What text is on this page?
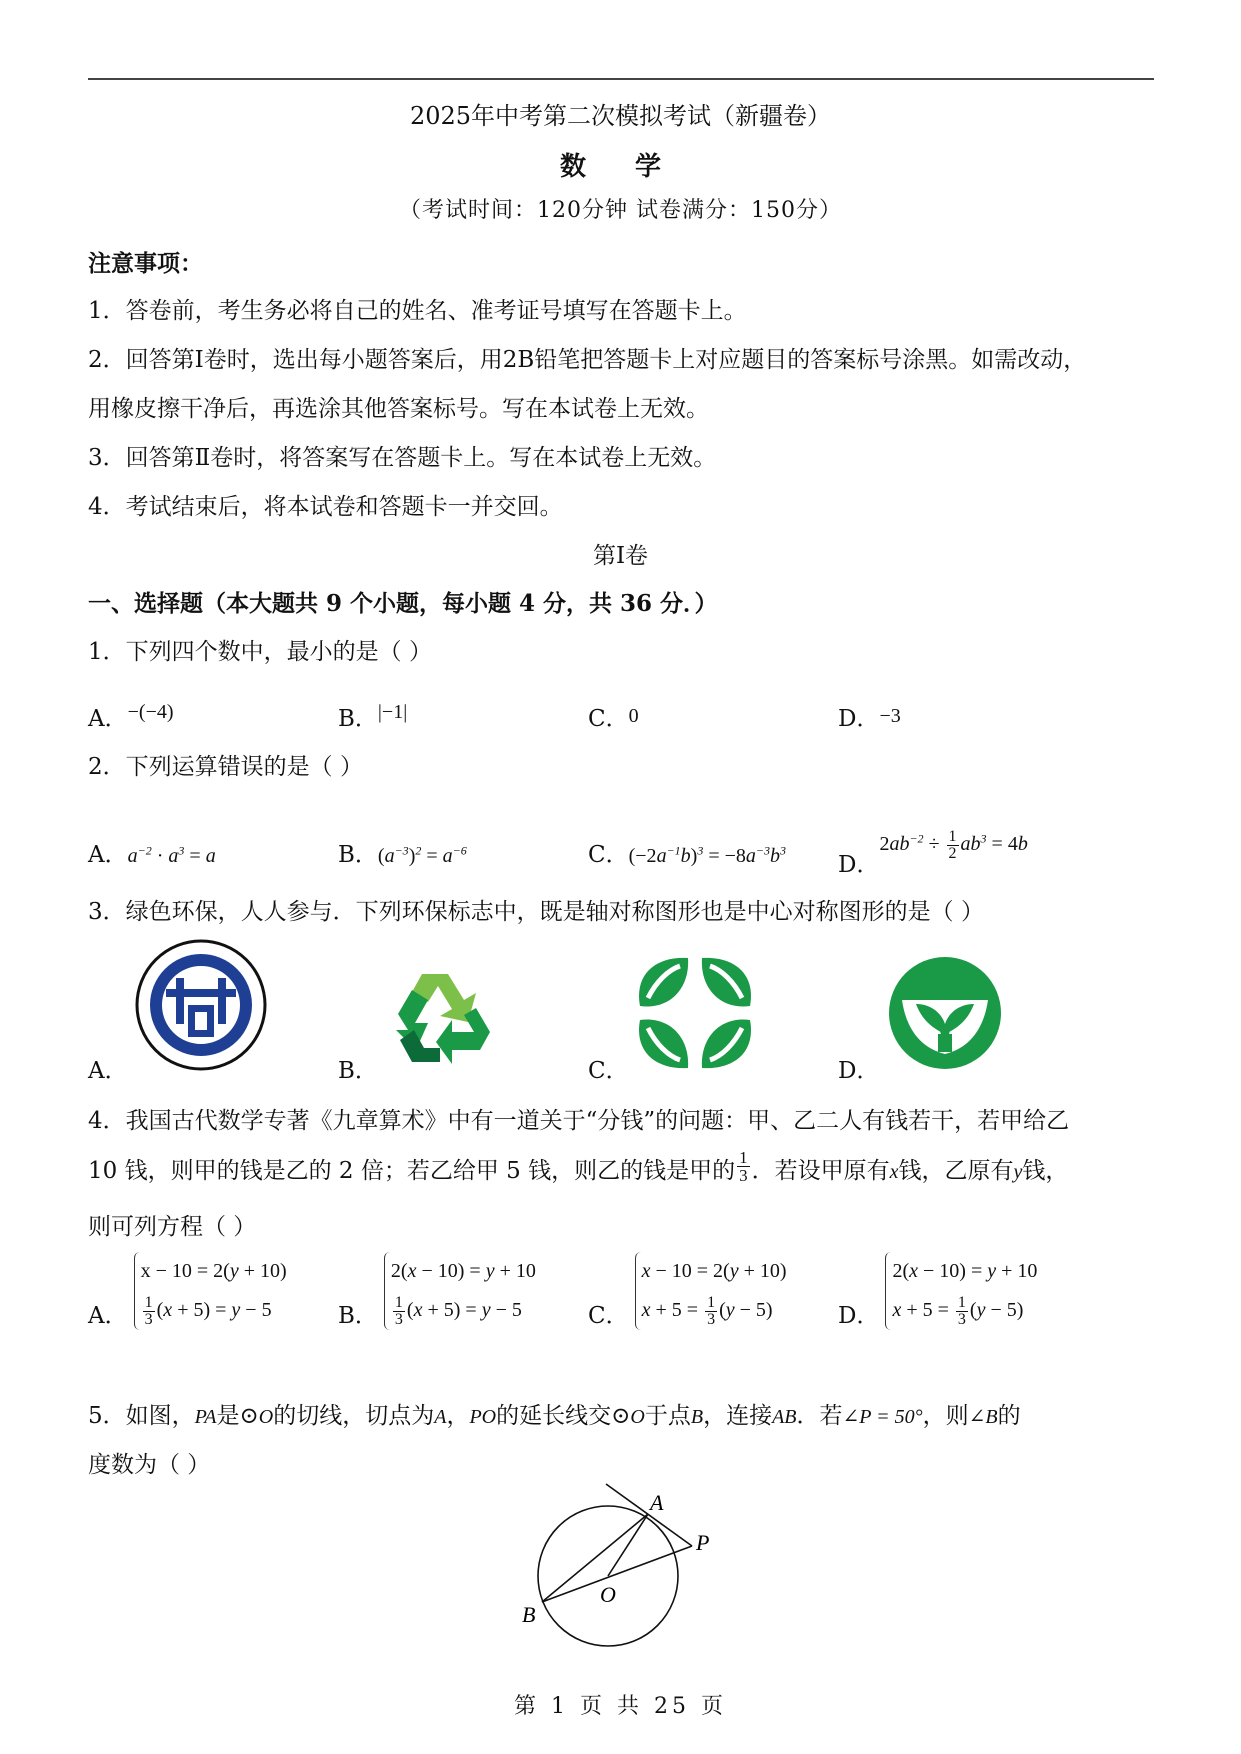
2025年中考第二次模拟考试（新疆卷）
数 学
（考试时间：120分钟 试卷满分：150分）
注意事项：
1．答卷前，考生务必将自己的姓名、准考证号填写在答题卡上。
2．回答第Ⅰ卷时，选出每小题答案后，用2B铅笔把答题卡上对应题目的答案标号涂黑。如需改动，
用橡皮擦干净后，再选涂其他答案标号。写在本试卷上无效。
3．回答第Ⅱ卷时，将答案写在答题卡上。写在本试卷上无效。
4．考试结束后，将本试卷和答题卡一并交回。
第Ⅰ卷
一、选择题（本大题共 9 个小题，每小题 4 分，共 36 分．）
1．下列四个数中，最小的是（ ）
A．−(−4)	B．|−1|	C．0	D．−3
2．下列运算错误的是（ ）
A．$a^{-2} \cdot a^3 = a$	B．$(a^{-3})^2 = a^{-6}$	C．$(-2a^{-1}b)^3 = -8a^{-3}b^3$
D．$2ab^{-2} \div \frac{1}{2} ab^3 = 4b$
3．绿色环保，人人参与．下列环保标志中，既是轴对称图形也是中心对称图形的是（ ）
A．	B．	C．	D．
4．我国古代数学专著《九章算术》中有一道关于“分钱”的问题：甲、乙二人有钱若干，若甲给乙
10 钱，则甲的钱是乙的 2 倍；若乙给甲 5 钱，则乙的钱是甲的 $\frac{1}{3}$ ．若设甲原有x钱，乙原有y钱，
则可列方程（ ）
A．x − 10 = 2(y + 10)

$\frac{1}{3} (x + 5) = y - 5$	B．2(x − 10) = y + 10

$\frac{1}{3} (x + 5) = y - 5$	C．x − 10 = 2(y + 10)
$x + 5 = \frac{1}{3} (y - 5)$	D．2(x − 10) = y + 10
$x + 5 = \frac{1}{3} (y - 5)$
5．如图，PA是⊙O的切线，切点为A，PO的延长线交⊙O于点B，连接AB．若∠P = 50°，则∠B的
度数为（ ）
A
P
O
B
第 1 页 共 25 页
